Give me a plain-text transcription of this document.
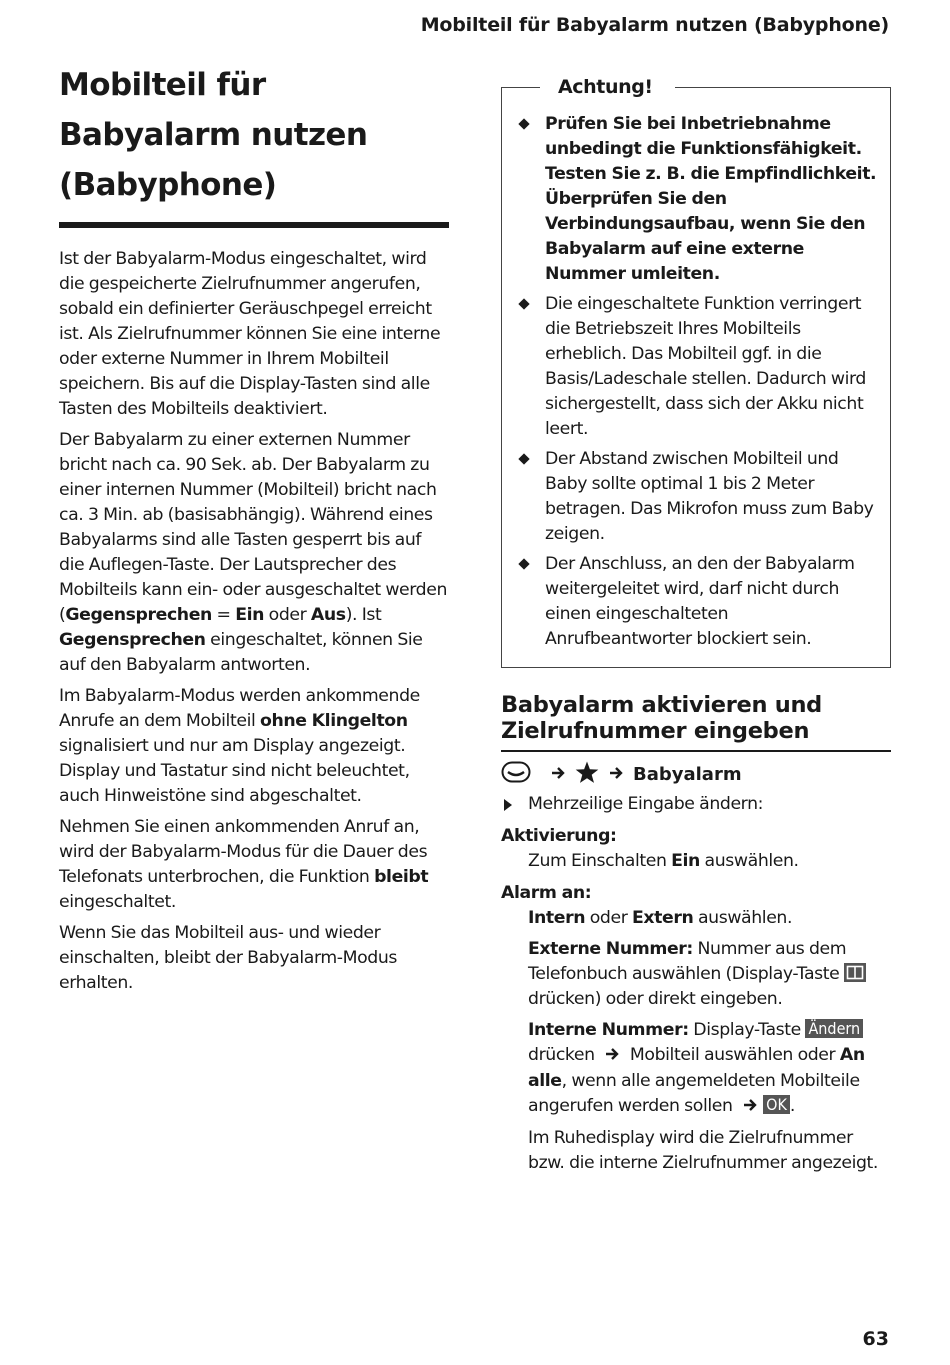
Mobilteil für Babyalarm nutzen (Babyphone)
Mobilteil für Babyalarm nutzen (Babyphone)

Ist der Babyalarm-Modus eingeschaltet, wird die gespeicherte Zielrufnummer angerufen, sobald ein definierter Geräuschpegel erreicht ist. Als Zielrufnummer können Sie eine interne oder externe Nummer in Ihrem Mobilteil speichern. Bis auf die Display-Tasten sind alle Tasten des Mobilteils deaktiviert.

Der Babyalarm zu einer externen Nummer bricht nach ca. 90 Sek. ab. Der Babyalarm zu einer internen Nummer (Mobilteil) bricht nach ca. 3 Min. ab (basisabhängig). Während eines Babyalarms sind alle Tasten gesperrt bis auf die Auflegen-Taste. Der Lautsprecher des Mobilteils kann ein- oder ausgeschaltet werden (Gegensprechen = Ein oder Aus). Ist Gegensprechen eingeschaltet, können Sie auf den Babyalarm antworten.

Im Babyalarm-Modus werden ankommende Anrufe an dem Mobilteil ohne Klingelton signalisiert und nur am Display angezeigt. Display und Tastatur sind nicht beleuchtet, auch Hinweistöne sind abgeschaltet.

Nehmen Sie einen ankommenden Anruf an, wird der Babyalarm-Modus für die Dauer des Telefonats unterbrochen, die Funktion bleibt eingeschaltet.

Wenn Sie das Mobilteil aus- und wieder einschalten, bleibt der Babyalarm-Modus erhalten.

Achtung!
Prüfen Sie bei Inbetriebnahme unbedingt die Funktionsfähigkeit. Testen Sie z. B. die Empfindlichkeit. Überprüfen Sie den Verbindungsaufbau, wenn Sie den Babyalarm auf eine externe Nummer umleiten.
Die eingeschaltete Funktion verringert die Betriebszeit Ihres Mobilteils erheblich. Das Mobilteil ggf. in die Basis/Ladeschale stellen. Dadurch wird sichergestellt, dass sich der Akku nicht leert.
Der Abstand zwischen Mobilteil und Baby sollte optimal 1 bis 2 Meter betragen. Das Mikrofon muss zum Baby zeigen.
Der Anschluss, an den der Babyalarm weitergeleitet wird, darf nicht durch einen eingeschalteten Anrufbeantworter blockiert sein.
Babyalarm aktivieren und Zielrufnummer eingeben
Babyalarm
Mehrzeilige Eingabe ändern:
Aktivierung:
Zum Einschalten Ein auswählen.
Alarm an:
Intern oder Extern auswählen.
Externe Nummer: Nummer aus dem Telefonbuch auswählen (Display-Taste  drücken) oder direkt eingeben.
Interne Nummer: Display-Taste Ändern drücken  Mobilteil auswählen oder An alle, wenn alle angemeldeten Mobilteile angerufen werden sollen OK .
Im Ruhedisplay wird die Zielrufnummer bzw. die interne Zielrufnummer angezeigt.
63
